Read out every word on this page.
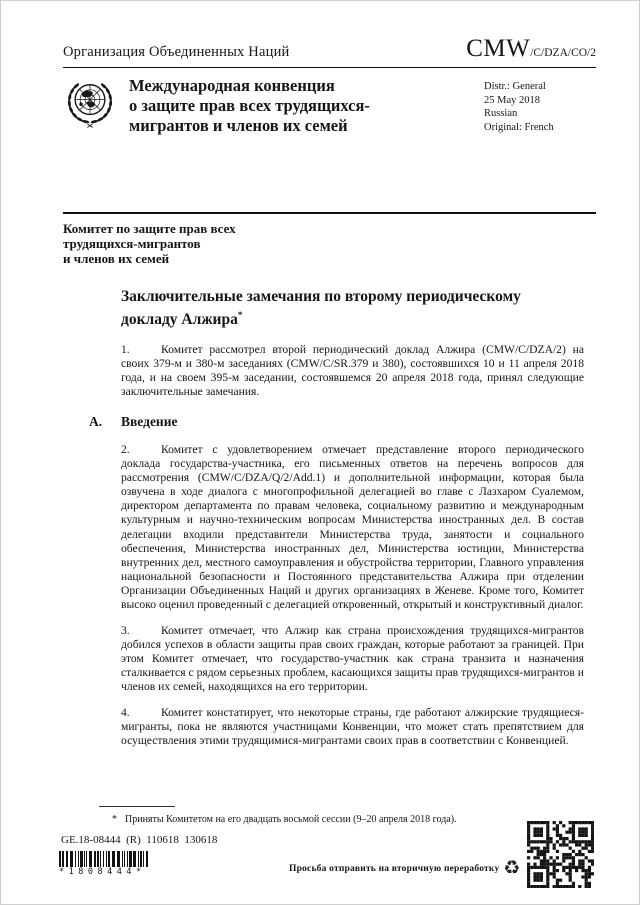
Организация Объединенных Наций	CMW/C/DZA/CO/2
Международная конвенция
о защите прав всех трудящихся-
мигрантов и членов их семей
Distr.: General
25 May 2018
Russian
Original: French
Комитет по защите прав всех
трудящихся-мигрантов
и членов их семей
Заключительные замечания по второму периодическому
докладу Алжира*

1.	Комитет рассмотрел второй периодический доклад Алжира (CMW/C/DZA/2) на своих 379-м и 380-м заседаниях (CMW/C/SR.379 и 380), состоявшихся 10 и 11 апреля 2018 года, и на своем 395-м заседании, состоявшемся 20 апреля 2018 года, принял следующие заключительные замечания.

A.	Введение

2.	Комитет с удовлетворением отмечает представление второго периодического доклада государства-участника, его письменных ответов на перечень вопросов для рассмотрения (CMW/C/DZA/Q/2/Add.1) и дополнительной информации, которая была озвучена в ходе диалога с многопрофильной делегацией во главе с Лазхаром Суалемом, директором департамента по правам человека, социальному развитию и международным культурным и научно-техническим вопросам Министерства иностранных дел. В состав делегации входили представители Министерства труда, занятости и социального обеспечения, Министерства иностранных дел, Министерства юстиции, Министерства внутренних дел, местного самоуправления и обустройства территории, Главного управления национальной безопасности и Постоянного представительства Алжира при отделении Организации Объединенных Наций и других организациях в Женеве. Кроме того, Комитет высоко оценил проведенный с делегацией откровенный, открытый и конструктивный диалог.

3.	Комитет отмечает, что Алжир как страна происхождения трудящихся-мигрантов добился успехов в области защиты прав своих граждан, которые работают за границей. При этом Комитет отмечает, что государство-участник как страна транзита и назначения сталкивается с рядом серьезных проблем, касающихся защиты прав трудящихся-мигрантов и членов их семей, находящихся на его территории.

4.	Комитет констатирует, что некоторые страны, где работают алжирские трудящиеся-мигранты, пока не являются участницами Конвенции, что может стать препятствием для осуществления этими трудящимися-мигрантами своих прав в соответствии с Конвенцией.

* Приняты Комитетом на его двадцать восьмой сессии (9–20 апреля 2018 года).
GE.18-08444  (R)  110618  130618
*1808444*	Просьба отправить на вторичную переработку ♻
